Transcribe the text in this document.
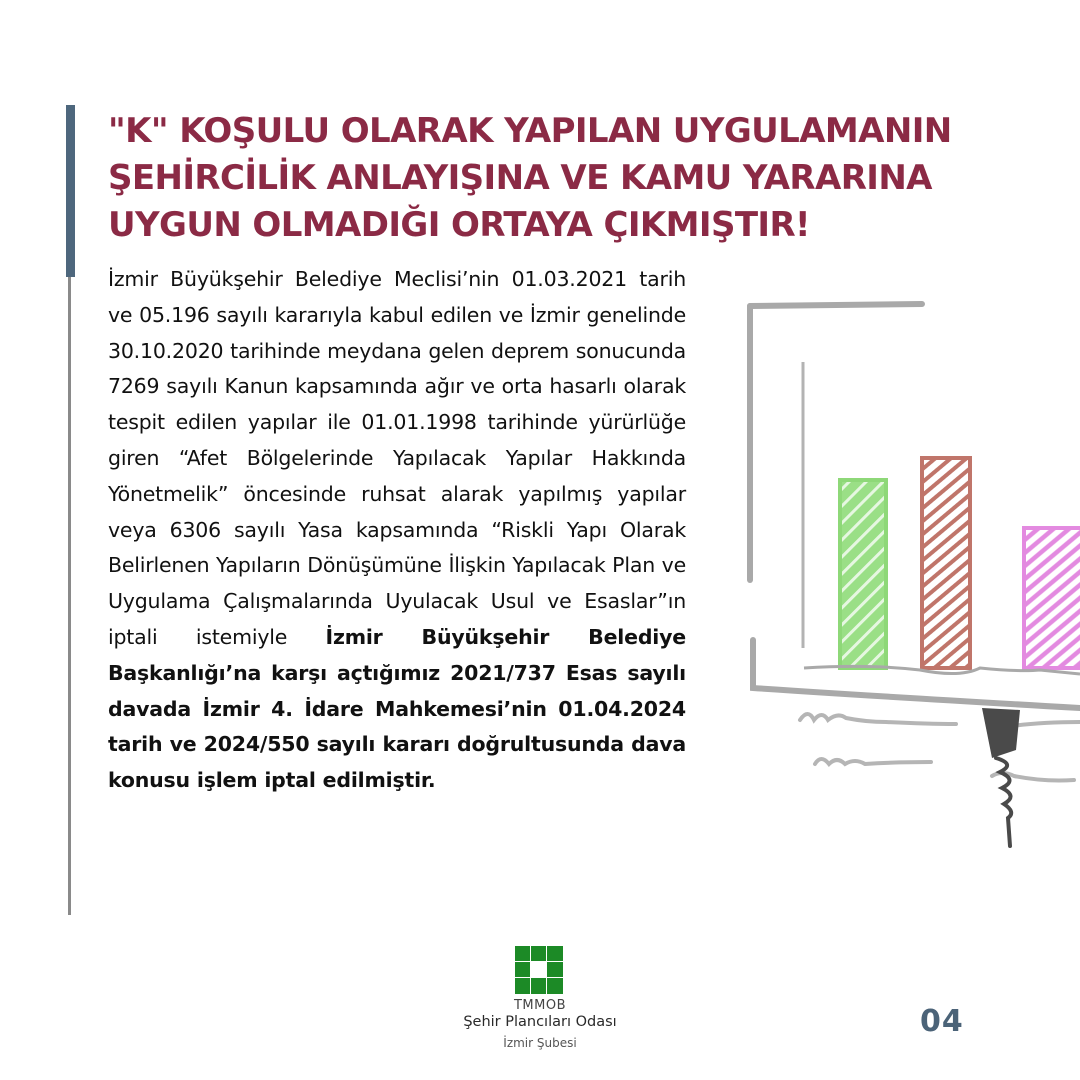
"K" KOŞULU OLARAK YAPILAN UYGULAMANIN
ŞEHİRCİLİK ANLAYIŞINA VE KAMU YARARINA
UYGUN OLMADIĞI ORTAYA ÇIKMIŞTIR!
İzmir Büyükşehir Belediye Meclisi’nin 01.03.2021 tarih ve 05.196 sayılı kararıyla kabul edilen ve İzmir genelinde 30.10.2020 tarihinde meydana gelen deprem sonucunda 7269 sayılı Kanun kapsamında ağır ve orta hasarlı olarak tespit edilen yapılar ile 01.01.1998 tarihinde yürürlüğe giren “Afet Bölgelerinde Yapılacak Yapılar Hakkında Yönetmelik” öncesinde ruhsat alarak yapılmış yapılar veya 6306 sayılı Yasa kapsamında “Riskli Yapı Olarak Belirlenen Yapıların Dönüşümüne İlişkin Yapılacak Plan ve Uygulama Çalışmalarında Uyulacak Usul ve Esaslar”ın iptali istemiyle İzmir Büyükşehir Belediye Başkanlığı’na karşı açtığımız 2021/737 Esas sayılı davada İzmir 4. İdare Mahkemesi’nin 01.04.2024 tarih ve 2024/550 sayılı kararı doğrultusunda dava konusu işlem iptal edilmiştir.
TMMOB
Şehir Plancıları Odası
İzmir Şubesi
04
